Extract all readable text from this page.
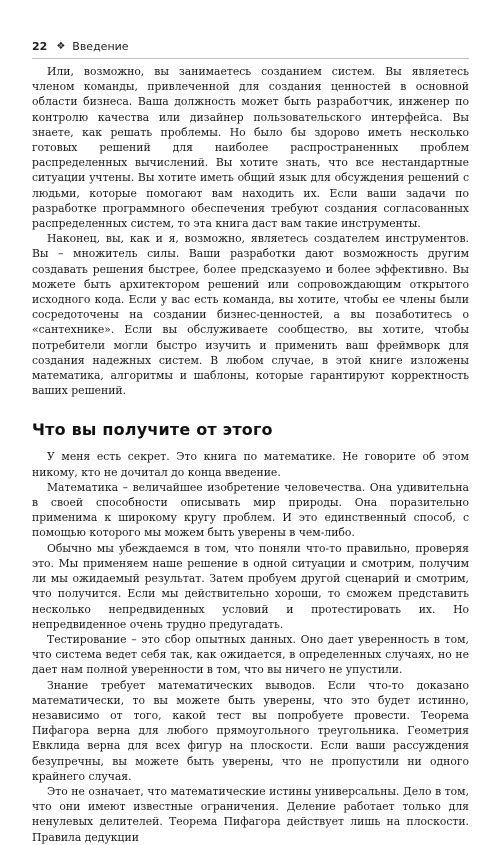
22 ❖ Введение

Или, возможно, вы занимаетесь созданием систем. Вы являетесь членом команды, привлеченной для создания ценностей в основной области бизнеса. Ваша должность может быть разработчик, инженер по контролю качества или дизайнер пользовательского интерфейса. Вы знаете, как решать проблемы. Но было бы здорово иметь несколько готовых решений для наиболее распространенных проблем распределенных вычислений. Вы хотите знать, что все нестандартные ситуации учтены. Вы хотите иметь общий язык для обсуждения решений с людьми, которые помогают вам находить их. Если ваши задачи по разработке программного обеспечения требуют создания согласованных распределенных систем, то эта книга даст вам такие инструменты.

Наконец, вы, как и я, возможно, являетесь создателем инструментов. Вы – множитель силы. Ваши разработки дают возможность другим создавать решения быстрее, более предсказуемо и более эффективно. Вы можете быть архитектором решений или сопровождающим открытого исходного кода. Если у вас есть команда, вы хотите, чтобы ее члены были сосредоточены на создании бизнес-ценностей, а вы позаботитесь о «сантехнике». Если вы обслуживаете сообщество, вы хотите, чтобы потребители могли быстро изучить и применить ваш фреймворк для создания надежных систем. В любом случае, в этой книге изложены математика, алгоритмы и шаблоны, которые гарантируют корректность ваших решений.

Что вы получите от этого

У меня есть секрет. Это книга по математике. Не говорите об этом никому, кто не дочитал до конца введение.

Математика – величайшее изобретение человечества. Она удивительна в своей способности описывать мир природы. Она поразительно применима к широкому кругу проблем. И это единственный способ, с помощью которого мы можем быть уверены в чем-либо.

Обычно мы убеждаемся в том, что поняли что-то правильно, проверяя это. Мы применяем наше решение в одной ситуации и смотрим, получим ли мы ожидаемый результат. Затем пробуем другой сценарий и смотрим, что получится. Если мы действительно хороши, то сможем представить несколько непредвиденных условий и протестировать их. Но непредвиденное очень трудно предугадать.

Тестирование – это сбор опытных данных. Оно дает уверенность в том, что система ведет себя так, как ожидается, в определенных случаях, но не дает нам полной уверенности в том, что вы ничего не упустили.

Знание требует математических выводов. Если что-то доказано математически, то вы можете быть уверены, что это будет истинно, независимо от того, какой тест вы попробуете провести. Теорема Пифагора верна для любого прямоугольного треугольника. Геометрия Евклида верна для всех фигур на плоскости. Если ваши рассуждения безупречны, вы можете быть уверены, что не пропустили ни одного крайнего случая.

Это не означает, что математические истины универсальны. Дело в том, что они имеют известные ограничения. Деление работает только для ненулевых делителей. Теорема Пифагора действует лишь на плоскости. Правила дедукции
